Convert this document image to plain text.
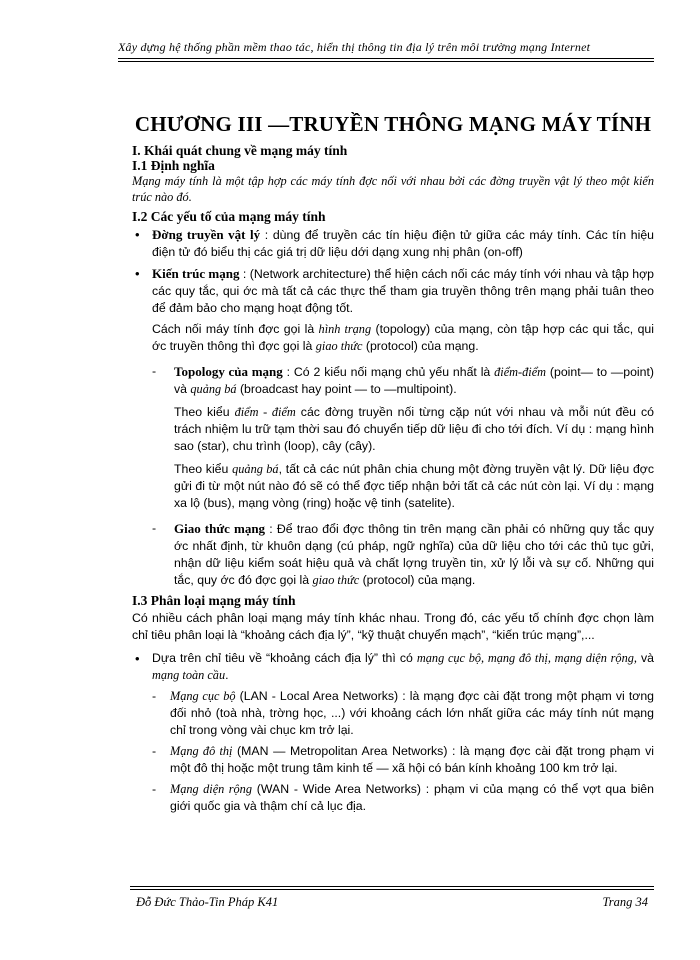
Xây dựng hệ thống phần mềm thao tác, hiển thị thông tin địa lý trên môi trường mạng Internet
CHƯƠNG III —TRUYỀN THÔNG MẠNG MÁY TÍNH

I. Khái quát chung về mạng máy tính

I.1 Định nghĩa

Mạng máy tính là một tập hợp các máy tính đợc nối với nhau bởi các đờng truyền vật lý theo một kiến trúc nào đó.

I.2 Các yếu tố của mạng máy tính

• Đờng truyền vật lý : dùng để truyền các tín hiệu điện tử giữa các máy tính. Các tín hiệu điện tử đó biểu thị các giá trị dữ liệu dới dạng xung nhị phân (on-off)
• Kiến trúc mạng : (Network architecture) thể hiện cách nối các máy tính với nhau và tập hợp các quy tắc, qui ớc mà tất cả các thực thể tham gia truyền thông trên mạng phải tuân theo để đảm bảo cho mạng hoạt động tốt.

Cách nối máy tính đợc gọi là hình trạng (topology) của mạng, còn tập hợp các qui tắc, qui ớc truyền thông thì đợc gọi là giao thức (protocol) của mạng.

- Topology của mạng : Có 2 kiểu nối mạng chủ yếu nhất là điểm-điểm (point— to —point) và quảng bá (broadcast hay point — to —multipoint).

Theo kiểu điểm - điểm các đờng truyền nối từng cặp nút với nhau và mỗi nút đều có trách nhiệm lu trữ tạm thời sau đó chuyển tiếp dữ liệu đi cho tới đích. Ví dụ : mạng hình sao (star), chu trình (loop), cây (cây).

Theo kiểu quảng bá, tất cả các nút phân chia chung một đờng truyền vật lý. Dữ liệu đợc gửi đi từ một nút nào đó sẽ có thể đợc tiếp nhận bởi tất cả các nút còn lại. Ví dụ : mạng xa lộ (bus), mạng vòng (ring) hoặc vệ tinh (satelite).

- Giao thức mạng : Để trao đổi đợc thông tin trên mạng cần phải có những quy tắc quy ớc nhất định, từ khuôn dạng (cú pháp, ngữ nghĩa) của dữ liệu cho tới các thủ tục gửi, nhận dữ liệu kiểm soát hiệu quả và chất lợng truyền tin, xử lý lỗi và sự cố. Những qui tắc, quy ớc đó đợc gọi là giao thức (protocol) của mạng.

I.3 Phân loại mạng máy tính

Có nhiều cách phân loại mạng máy tính khác nhau. Trong đó, các yếu tố chính đợc chọn làm chỉ tiêu phân loại là “khoảng cách địa lý”, “kỹ thuật chuyển mạch”, “kiến trúc mạng”,...

• Dựa trên chỉ tiêu về “khoảng cách địa lý” thì có mạng cục bộ, mạng đô thị, mạng diện rộng, và mạng toàn cầu.
- Mạng cục bộ (LAN - Local Area Networks) : là mạng đợc cài đặt trong một phạm vi tơng đối nhỏ (toà nhà, trờng học, ...) với khoảng cách lớn nhất giữa các máy tính nút mạng chỉ trong vòng vài chục km trở lại.
- Mạng đô thị (MAN — Metropolitan Area Networks) : là mạng đợc cài đặt trong phạm vi một đô thị hoặc một trung tâm kinh tế — xã hội có bán kính khoảng 100 km trở lại.
- Mạng diện rộng (WAN - Wide Area Networks) : phạm vi của mạng có thể vợt qua biên giới quốc gia và thậm chí cả lục địa.
Đỗ Đức Thảo-Tin Pháp K41	Trang 34
